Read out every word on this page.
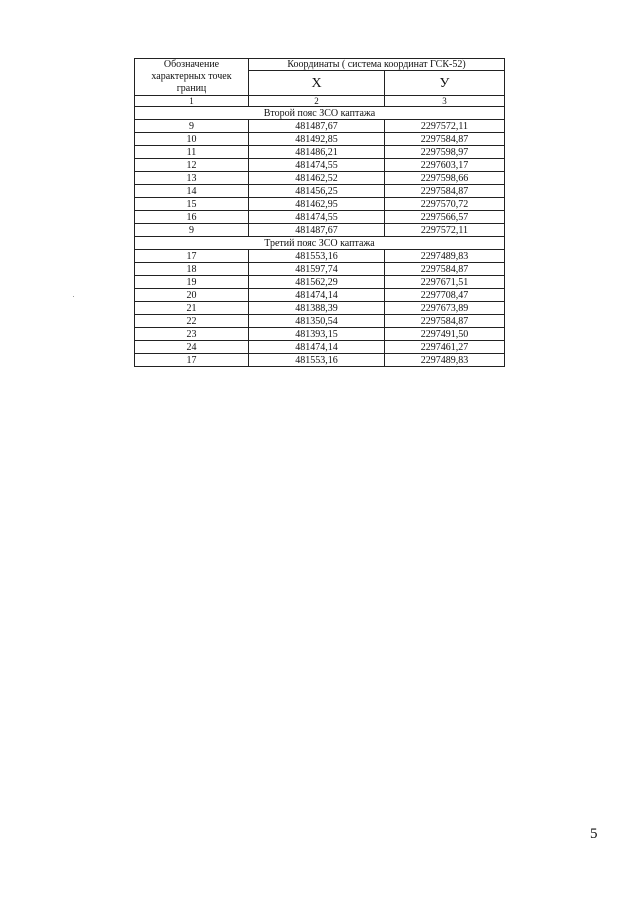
Обозначение характерных точек границ	Координаты ( система координат ГСК-52)	
	X	У
1	2	3
Второй пояс ЗСО каптажа		
9	481487,67	2297572,11
10	481492,85	2297584,87
11	481486,21	2297598,97
12	481474,55	2297603,17
13	481462,52	2297598,66
14	481456,25	2297584,87
15	481462,95	2297570,72
16	481474,55	2297566,57
9	481487,67	2297572,11
Третий пояс ЗСО каптажа		
17	481553,16	2297489,83
18	481597,74	2297584,87
19	481562,29	2297671,51
20	481474,14	2297708,47
21	481388,39	2297673,89
22	481350,54	2297584,87
23	481393,15	2297491,50
24	481474,14	2297461,27
17	481553,16	2297489,83
5
